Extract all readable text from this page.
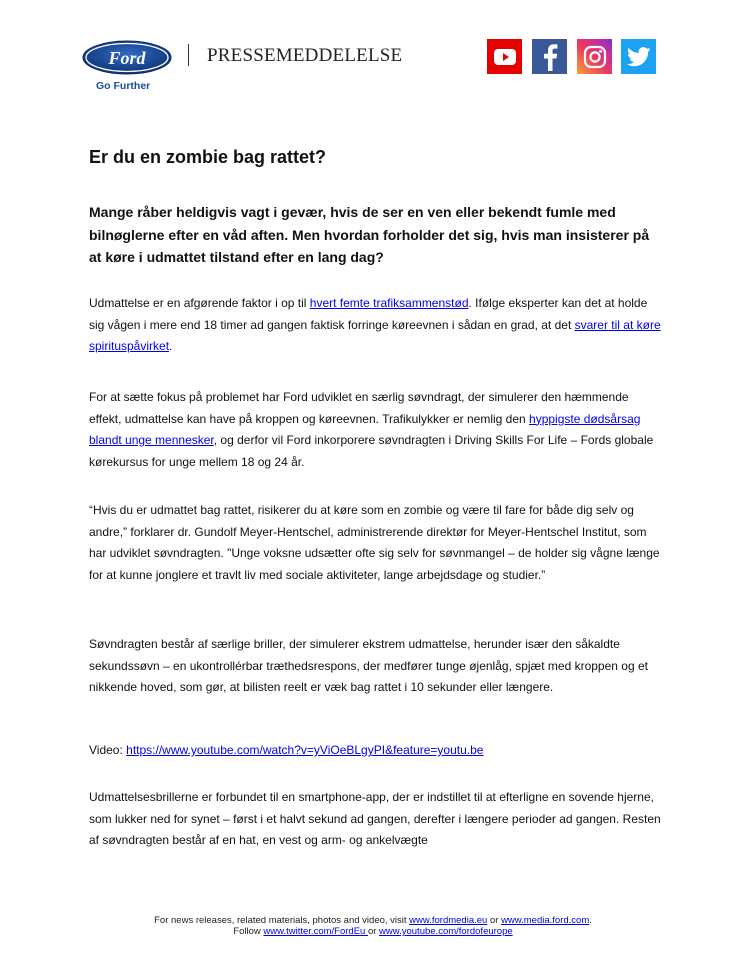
Ford
Go Further
PRESSEMEDDELELSE
Er du en zombie bag rattet?

Mange råber heldigvis vagt i gevær, hvis de ser en ven eller bekendt fumle med bilnøglerne efter en våd aften. Men hvordan forholder det sig, hvis man insisterer på at køre i udmattet tilstand efter en lang dag?

Udmattelse er en afgørende faktor i op til hvert femte trafiksammenstød. Ifølge eksperter kan det at holde sig vågen i mere end 18 timer ad gangen faktisk forringe køreevnen i sådan en grad, at det svarer til at køre spirituspåvirket.

For at sætte fokus på problemet har Ford udviklet en særlig søvndragt, der simulerer den hæmmende effekt, udmattelse kan have på kroppen og køreevnen. Trafikulykker er nemlig den hyppigste dødsårsag blandt unge mennesker, og derfor vil Ford inkorporere søvndragten i Driving Skills For Life – Fords globale kørekursus for unge mellem 18 og 24 år.

“Hvis du er udmattet bag rattet, risikerer du at køre som en zombie og være til fare for både dig selv og andre,” forklarer dr. Gundolf Meyer-Hentschel, administrerende direktør for Meyer-Hentschel Institut, som har udviklet søvndragten. "Unge voksne udsætter ofte sig selv for søvnmangel – de holder sig vågne længe for at kunne jonglere et travlt liv med sociale aktiviteter, lange arbejdsdage og studier.”

Søvndragten består af særlige briller, der simulerer ekstrem udmattelse, herunder især den såkaldte sekundssøvn – en ukontrollérbar træthedsrespons, der medfører tunge øjenlåg, spjæt med kroppen og et nikkende hoved, som gør, at bilisten reelt er væk bag rattet i 10 sekunder eller længere.

Video: https://www.youtube.com/watch?v=yViOeBLgyPI&feature=youtu.be

Udmattelsesbrillerne er forbundet til en smartphone-app, der er indstillet til at efterligne en sovende hjerne, som lukker ned for synet – først i et halvt sekund ad gangen, derefter i længere perioder ad gangen. Resten af søvndragten består af en hat, en vest og arm- og ankelvægte

For news releases, related materials, photos and video, visit www.fordmedia.eu or www.media.ford.com.
Follow www.twitter.com/FordEu or www.youtube.com/fordofeurope
